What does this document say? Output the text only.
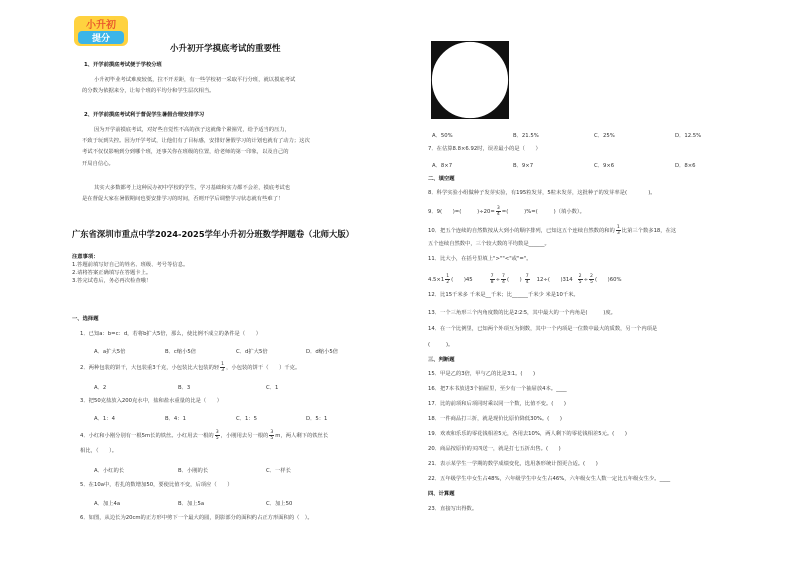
小升初
提分
小升初开学摸底考试的重要性
1、开学前摸底考试便于学校分班
小升初毕业考试难度较低，拉不开差距，有一些学校初一采取平行分班，就以摸底考试
的分数为依据来分，让每个班的平均分和学生层次相当。
2、开学前摸底考试利于督促学生暑假合理安排学习
因为开学前摸底考试，对好些自觉性不高的孩子这就像个紧箍咒，给予适当的压力，
不致于玩到失控。因为开学考试，让他们有了目标感，安排好暑假学习的计划也就有了动力；这次
考试不仅仅影响到分到哪个班，还事关你在班级的位置，给老师的第一印象，以及自己的
开局自信心。
其实大多数都考上这种民办初中学校的学生，学习基础和实力都不会差，摸底考试也
是在督促大家在暑假期间也要安排学习的时间，否则开学后调整学习状态就有些难了！
广东省深圳市重点中学2024-2025学年小升初分班数学押题卷（北师大版）
注意事项：
1.答题前填写好自己的姓名、班级、考号等信息。
2.请将答案正确填写在答题卡上。
3.答完试卷后，务必再次检查哦！
一、选择题
1．已知a：b=c：d，若将b扩大5倍，那么，使比例不成立的条件是（　　）
A．a扩大5倍	B．c缩小5倍	C．d扩大5倍	D．d缩小5倍
2．两种包装的饼干，大包装重3千克，小包装比大包装的轻 $\frac{1}{3}$ ，小包装的饼干（　　）千克。
A．2	B．3	C．1
3．把50克盐放入200克水中，盐和盐水重量的比是（　　）
A．1：4	B．4：1	C．1：5	D．5：1
4．小红和小刚分别有一根5m长的铁丝。小红用去一根的 $\frac{3}{5}$ ，小刚用去另一根的 $\frac{3}{5}$ m，两人剩下的铁丝长
相比，（　　）。
A．小红的长	B．小刚的长	C．一样长
5．在10a中，若扎的数增加50，要使比值不变，后项应（　　）
A．加上4a	B．加上5a	C．加上50
6．如图，从边长为20cm的正方形中剪下一个最大的圆，阴影部分的面积约占正方形面积的（　）。
A．50%	B．21.5%	C．25%	D．12.5%
7．在估算8.8×6.92时，误差最小的是（　　）
A．8×7	B．9×7	C．9×6	D．8×6
二、填空题
8．科学实验小组做种子发芽实验，有195粒发芽，5粒未发芽，这批种子的发芽率是(　　　　)。
9．9(　　)=(　　　)$\div 20= \frac{3}{4}$ =(　　　)%=(　　　)（填小数）。
10．把五个连续的自然数按从大到小的顺序排列，已知这五个连续自然数的和的 $\frac{1}{3}$ 比第三个数多18，在这
五个连续自然数中，三个较大数的平均数是______。
11．比大小，在括号里填上">""<"或"="。
$4.5\times 1 \frac{1}{2}$ (　　)45	$\frac{7}{8} \div \frac{7}{4}$ (　　) $\frac{7}{4} 12\div$(　　)$314 \frac{2}{5} \div \frac{2}{5}$ (　　)60%
12．比15千米多 千米是__千米；比______千米少 米是10千米。
13．一个三角形三个内角度数的比是2∶2∶5，其中最大的一个内角是(　　　)度。
14．在一个比例里，已知两个外项互为倒数，其中一个内项是一位数中最大的质数，另一个内项是
(　　　)。
三、判断题
15．甲是乙的3倍，甲与乙的比是3∶1。(　　)
16．把7本书放进3个抽屉里，至少有一个抽屉放4本。____
17．比的前项和后项同时乘以同一个数，比值不变。(　　)
18．一件商品打三折，就是现价比原价降低30%。(　　)
19．欢欢和乐乐的零花钱相差5元，各用去10%，两人剩下的零花钱相差5元。(　　)
20．商品按原价的买四送一，就是打七五折出售。(　　)
21．表示某学生一学期的数学成绩变化，选用条形统计图更合适。(　　)
22．五年级学生中女生占48%，六年级学生中女生占46%，六年级女生人数一定比五年级女生少。____
四、计算题
23．直接写出得数。
